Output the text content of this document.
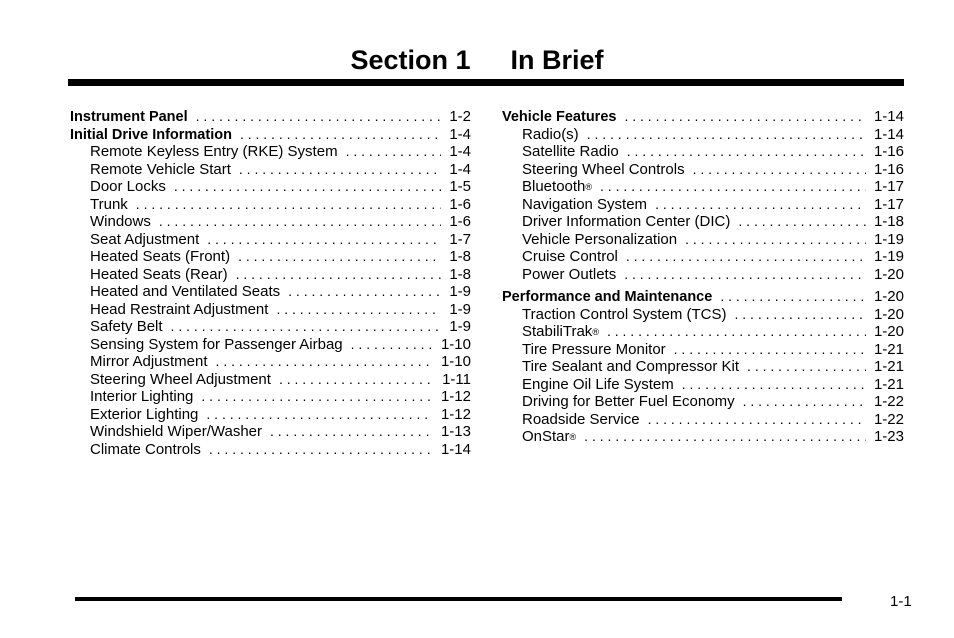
Section 1 In Brief
Instrument Panel . . .	1-2
Initial Drive Information . . .	1-4
Remote Keyless Entry (RKE) System . . .	1-4
Remote Vehicle Start . . .	1-4
Door Locks . . .	1-5
Trunk . . .	1-6
Windows . . .	1-6
Seat Adjustment . . .	1-7
Heated Seats (Front) . . .	1-8
Heated Seats (Rear) . . .	1-8
Heated and Ventilated Seats . . .	1-9
Head Restraint Adjustment . . .	1-9
Safety Belt . . .	1-9
Sensing System for Passenger Airbag . . .	1-10
Mirror Adjustment . . .	1-10
Steering Wheel Adjustment . . .	1-11
Interior Lighting . . .	1-12
Exterior Lighting . . .	1-12
Windshield Wiper/Washer . . .	1-13
Climate Controls . . .	1-14
Vehicle Features . . .	1-14
Radio(s) . . .	1-14
Satellite Radio . . .	1-16
Steering Wheel Controls . . .	1-16
Bluetooth® . . .	1-17
Navigation System . . .	1-17
Driver Information Center (DIC) . . .	1-18
Vehicle Personalization . . .	1-19
Cruise Control . . .	1-19
Power Outlets . . .	1-20
Performance and Maintenance . . .	1-20
Traction Control System (TCS) . . .	1-20
StabiliTrak® . . .	1-20
Tire Pressure Monitor . . .	1-21
Tire Sealant and Compressor Kit . . .	1-21
Engine Oil Life System . . .	1-21
Driving for Better Fuel Economy . . .	1-22
Roadside Service . . .	1-22
OnStar® . . .	1-23
1-1
